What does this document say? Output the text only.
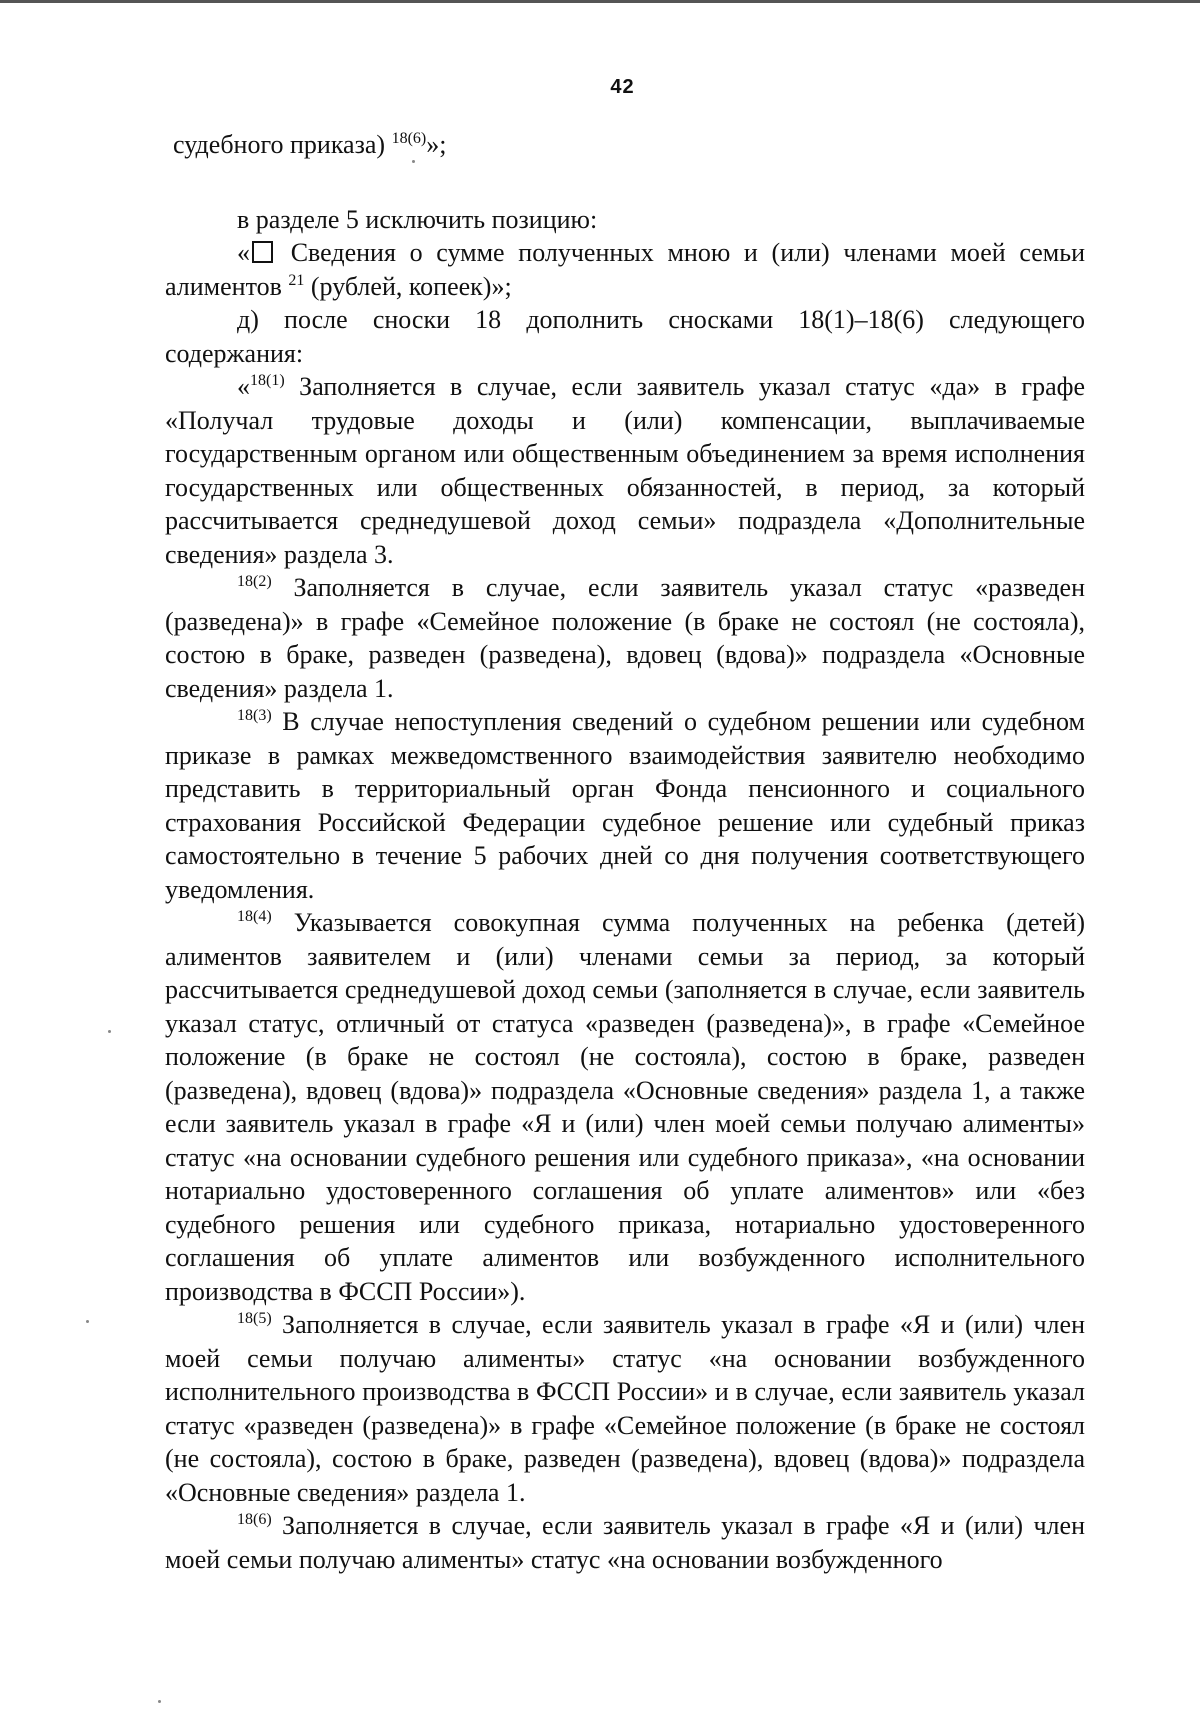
42

судебного приказа) $^{18(6)}$»;

в разделе 5 исключить позицию:

« Сведения о сумме полученных мною и (или) членами моей семьи алиментов $^{21}$ (рублей, копеек)»;

д) после сноски 18 дополнить сносками 18(1)–18(6) следующего содержания:

«$^{18(1)}$ Заполняется в случае, если заявитель указал статус «да» в графе «Получал трудовые доходы и (или) компенсации, выплачиваемые государственным органом или общественным объединением за время исполнения государственных или общественных обязанностей, в период, за который рассчитывается среднедушевой доход семьи» подраздела «Дополнительные сведения» раздела 3.

$^{18(2)}$ Заполняется в случае, если заявитель указал статус «разведен (разведена)» в графе «Семейное положение (в браке не состоял (не состояла), состою в браке, разведен (разведена), вдовец (вдова)» подраздела «Основные сведения» раздела 1.

$^{18(3)}$ В случае непоступления сведений о судебном решении или судебном приказе в рамках межведомственного взаимодействия заявителю необходимо представить в территориальный орган Фонда пенсионного и социального страхования Российской Федерации судебное решение или судебный приказ самостоятельно в течение 5 рабочих дней со дня получения соответствующего уведомления.

$^{18(4)}$ Указывается совокупная сумма полученных на ребенка (детей) алиментов заявителем и (или) членами семьи за период, за который рассчитывается среднедушевой доход семьи (заполняется в случае, если заявитель указал статус, отличный от статуса «разведен (разведена)», в графе «Семейное положение (в браке не состоял (не состояла), состою в браке, разведен (разведена), вдовец (вдова)» подраздела «Основные сведения» раздела 1, а также если заявитель указал в графе «Я и (или) член моей семьи получаю алименты» статус «на основании судебного решения или судебного приказа», «на основании нотариально удостоверенного соглашения об уплате алиментов» или «без судебного решения или судебного приказа, нотариально удостоверенного соглашения об уплате алиментов или возбужденного исполнительного производства в ФССП России»).

$^{18(5)}$ Заполняется в случае, если заявитель указал в графе «Я и (или) член моей семьи получаю алименты» статус «на основании возбужденного исполнительного производства в ФССП России» и в случае, если заявитель указал статус «разведен (разведена)» в графе «Семейное положение (в браке не состоял (не состояла), состою в браке, разведен (разведена), вдовец (вдова)» подраздела «Основные сведения» раздела 1.

$^{18(6)}$ Заполняется в случае, если заявитель указал в графе «Я и (или) член моей семьи получаю алименты» статус «на основании возбужденного
